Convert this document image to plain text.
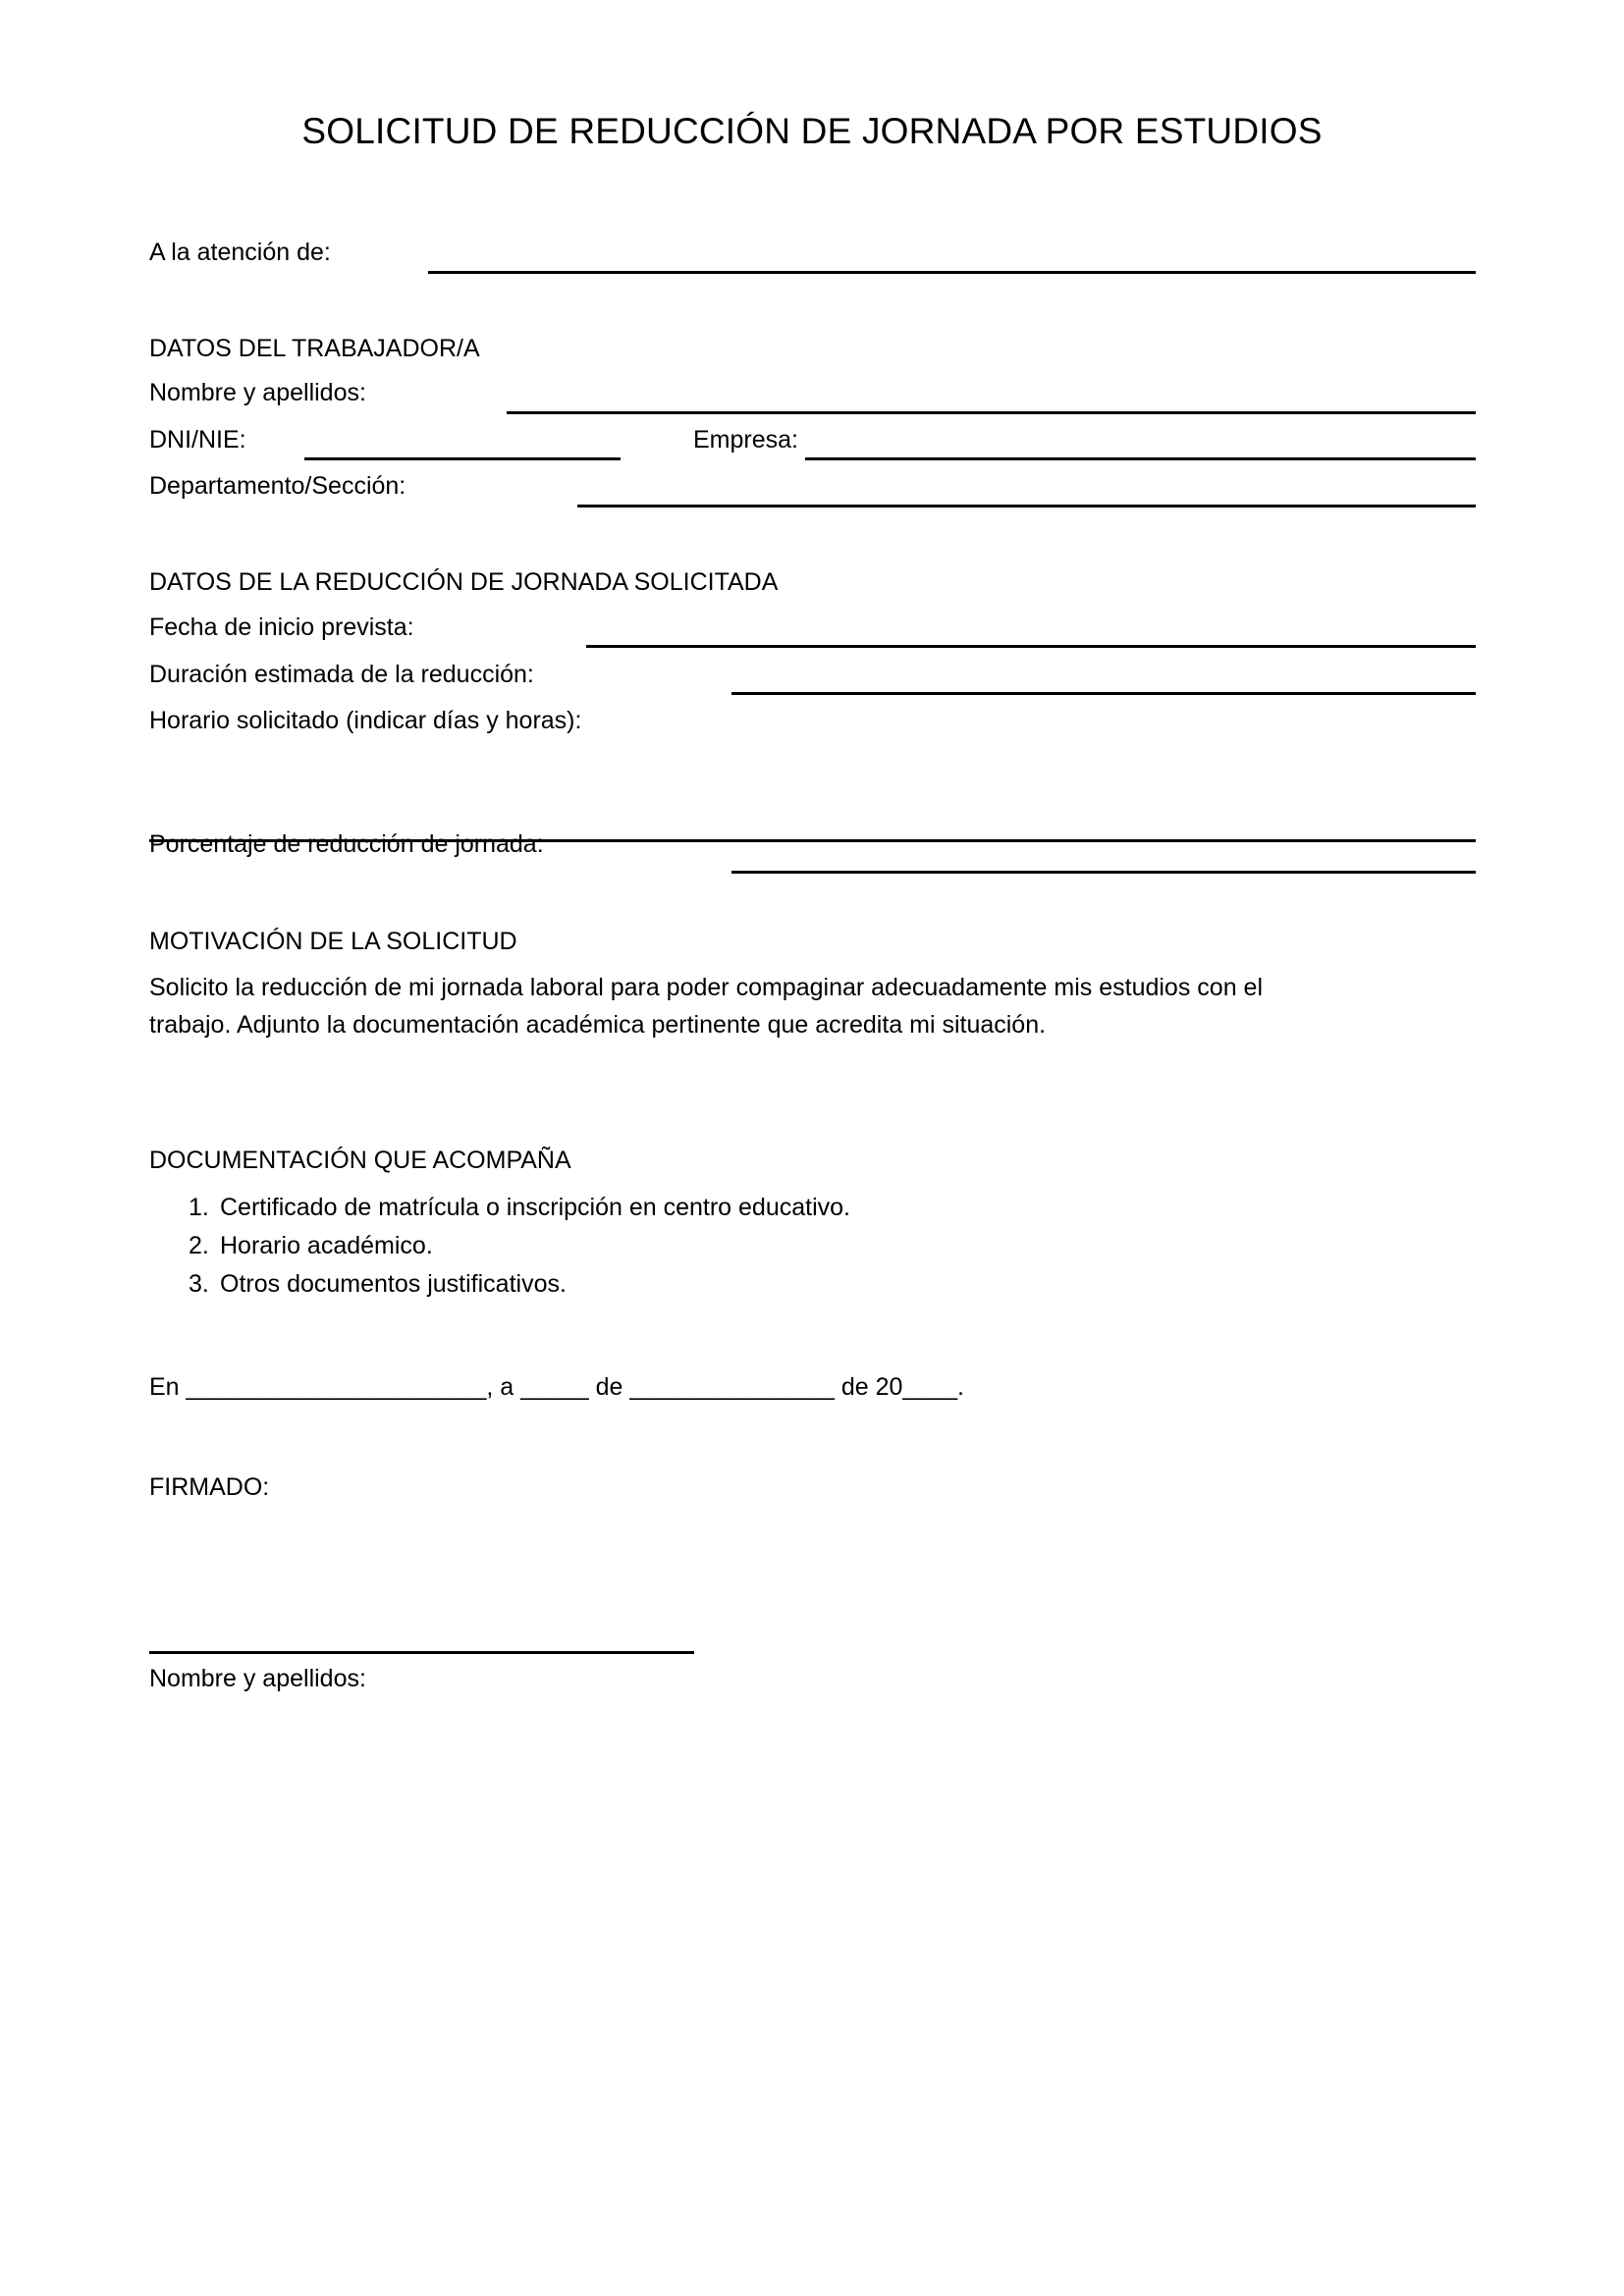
SOLICITUD DE REDUCCIÓN DE JORNADA POR ESTUDIOS
A la atención de:
DATOS DEL TRABAJADOR/A
Nombre y apellidos:
DNI/NIE:	Empresa:
Departamento/Sección:
DATOS DE LA REDUCCIÓN DE JORNADA SOLICITADA
Fecha de inicio prevista:
Duración estimada de la reducción:
Horario solicitado (indicar días y horas):
Porcentaje de reducción de jornada:
MOTIVACIÓN DE LA SOLICITUD
Solicito la reducción de mi jornada laboral para poder compaginar adecuadamente mis estudios con el
trabajo. Adjunto la documentación académica pertinente que acredita mi situación.
DOCUMENTACIÓN QUE ACOMPAÑA
1. Certificado de matrícula o inscripción en centro educativo.
2. Horario académico.
3. Otros documentos justificativos.
En ______________________, a _____ de _______________ de 20____.
FIRMADO:
Nombre y apellidos:
